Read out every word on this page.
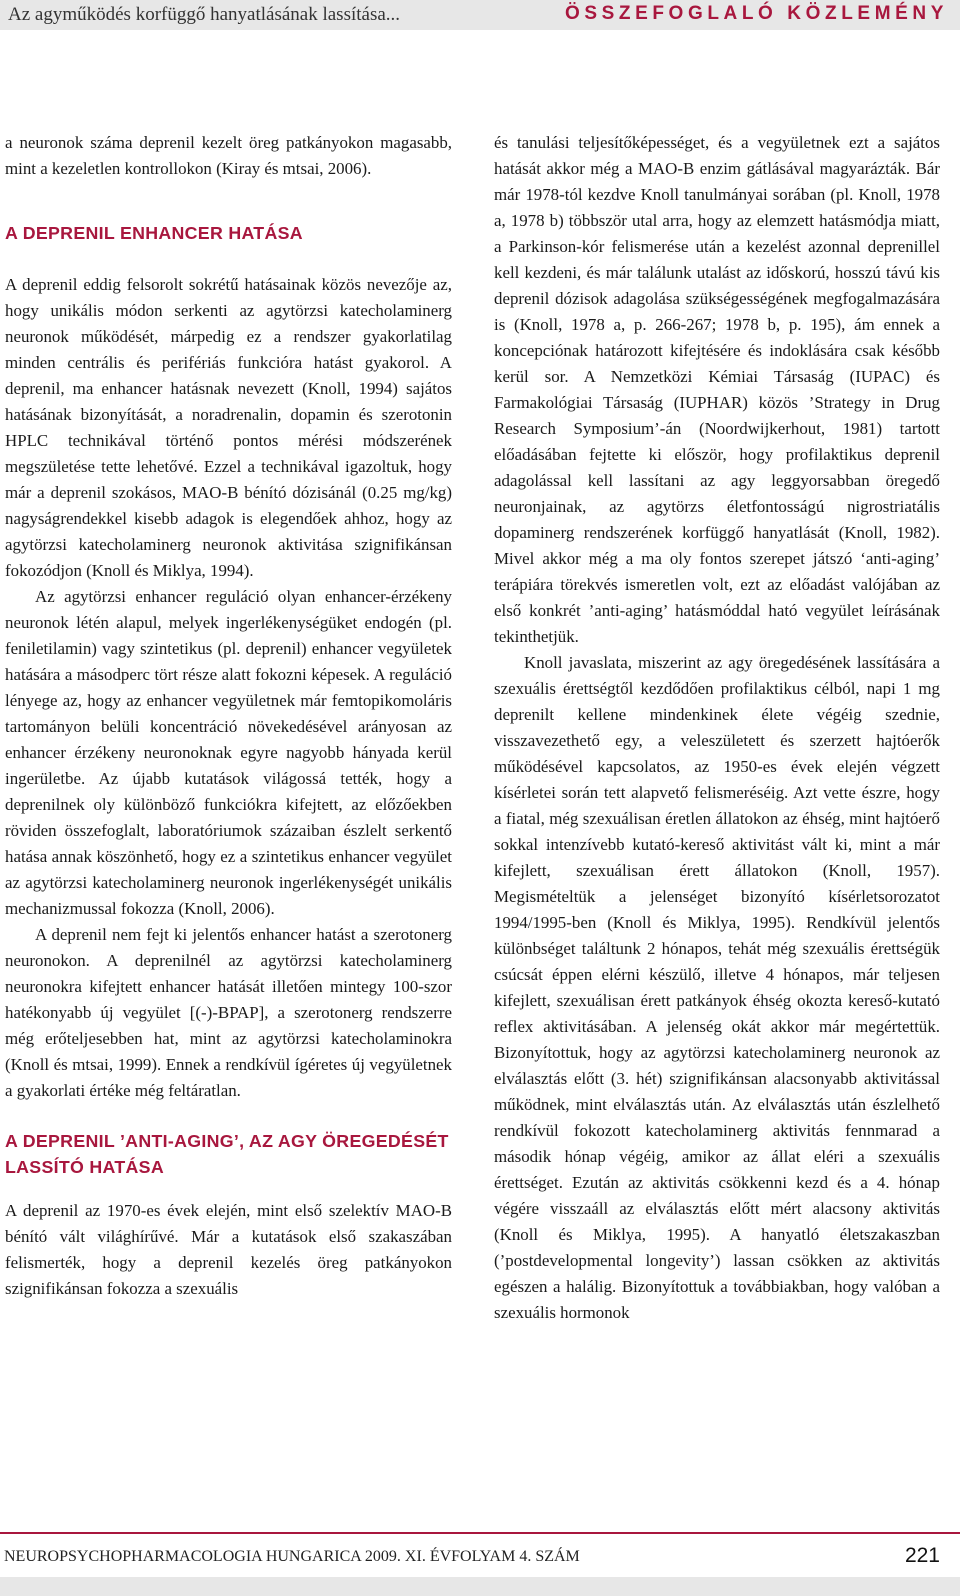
Az agyműködés korfüggő hanyatlásának lassítása...	ÖSSZEFOGLALÓ KÖZLEMÉNY

a neuronok száma deprenil kezelt öreg patkányokon magasabb, mint a kezeletlen kontrollokon (Kiray és mtsai, 2006).

A DEPRENIL ENHANCER HATÁSA

A deprenil eddig felsorolt sokrétű hatásainak közös nevezője az, hogy unikális módon serkenti az agytörzsi katecholaminerg neuronok működését, márpedig ez a rendszer gyakorlatilag minden centrális és perifériás funkcióra hatást gyakorol. A deprenil, ma enhancer hatásnak nevezett (Knoll, 1994) sajátos hatásának bizonyítását, a noradrenalin, dopamin és szerotonin HPLC technikával történő pontos mérési módszerének megszületése tette lehetővé. Ezzel a technikával igazoltuk, hogy már a deprenil szokásos, MAO-B bénító dózisánál (0.25 mg/kg) nagyságrendekkel kisebb adagok is elegendőek ahhoz, hogy az agytörzsi katecholaminerg neuronok aktivitása szignifikánsan fokozódjon (Knoll és Miklya, 1994).

Az agytörzsi enhancer reguláció olyan enhancer-érzékeny neuronok létén alapul, melyek ingerlékenységüket endogén (pl. feniletilamin) vagy szintetikus (pl. deprenil) enhancer vegyületek hatására a másodperc tört része alatt fokozni képesek. A reguláció lényege az, hogy az enhancer vegyületnek már femtopikomoláris tartományon belüli koncentráció növekedésével arányosan az enhancer érzékeny neuronoknak egyre nagyobb hányada kerül ingerületbe. Az újabb kutatások világossá tették, hogy a deprenilnek oly különböző funkciókra kifejtett, az előzőekben röviden összefoglalt, laboratóriumok százaiban észlelt serkentő hatása annak köszönhető, hogy ez a szintetikus enhancer vegyület az agytörzsi katecholaminerg neuronok ingerlékenységét unikális mechanizmussal fokozza (Knoll, 2006).

A deprenil nem fejt ki jelentős enhancer hatást a szerotonerg neuronokon. A deprenilnél az agytörzsi katecholaminerg neuronokra kifejtett enhancer hatását illetően mintegy 100-szor hatékonyabb új vegyület [(-)-BPAP], a szerotonerg rendszerre még erőteljesebben hat, mint az agytörzsi katecholaminokra (Knoll és mtsai, 1999). Ennek a rendkívül ígéretes új vegyületnek a gyakorlati értéke még feltáratlan.

A DEPRENIL ’ANTI-AGING’, AZ AGY ÖREGEDÉSÉT LASSÍTÓ HATÁSA

A deprenil az 1970-es évek elején, mint első szelektív MAO-B bénító vált világhírűvé. Már a kutatások első szakaszában felismerték, hogy a deprenil kezelés öreg patkányokon szignifikánsan fokozza a szexuális

és tanulási teljesítőképességet, és a vegyületnek ezt a sajátos hatását akkor még a MAO-B enzim gátlásával magyarázták. Bár már 1978-tól kezdve Knoll tanulmányai sorában (pl. Knoll, 1978 a, 1978 b) többször utal arra, hogy az elemzett hatásmódja miatt, a Parkinson-kór felismerése után a kezelést azonnal deprenillel kell kezdeni, és már találunk utalást az időskorú, hosszú távú kis deprenil dózisok adagolása szükségességének megfogalmazására is (Knoll, 1978 a, p. 266-267; 1978 b, p. 195), ám ennek a koncepciónak határozott kifejtésére és indoklására csak később kerül sor. A Nemzetközi Kémiai Társaság (IUPAC) és Farmakológiai Társaság (IUPHAR) közös ’Strategy in Drug Research Symposium’-án (Noordwijkerhout, 1981) tartott előadásában fejtette ki először, hogy profilaktikus deprenil adagolással kell lassítani az agy leggyorsabban öregedő neuronjainak, az agytörzs életfontosságú nigrostriatális dopaminerg rendszerének korfüggő hanyatlását (Knoll, 1982). Mivel akkor még a ma oly fontos szerepet játszó ‘anti-aging’ terápiára törekvés ismeretlen volt, ezt az előadást valójában az első konkrét ’anti-aging’ hatásmóddal ható vegyület leírásának tekinthetjük.

Knoll javaslata, miszerint az agy öregedésének lassítására a szexuális érettségtől kezdődően profilaktikus célból, napi 1 mg deprenilt kellene mindenkinek élete végéig szednie, visszavezethető egy, a veleszületett és szerzett hajtóerők működésével kapcsolatos, az 1950-es évek elején végzett kísérletei során tett alapvető felismeréséig. Azt vette észre, hogy a fiatal, még szexuálisan éretlen állatokon az éhség, mint hajtóerő sokkal intenzívebb kutató-kereső aktivitást vált ki, mint a már kifejlett, szexuálisan érett állatokon (Knoll, 1957). Megismételtük a jelenséget bizonyító kísérletsorozatot 1994/1995-ben (Knoll és Miklya, 1995). Rendkívül jelentős különbséget találtunk 2 hónapos, tehát még szexuális érettségük csúcsát éppen elérni készülő, illetve 4 hónapos, már teljesen kifejlett, szexuálisan érett patkányok éhség okozta kereső-kutató reflex aktivitásában. A jelenség okát akkor már megértettük. Bizonyítottuk, hogy az agytörzsi katecholaminerg neuronok az elválasztás előtt (3. hét) szignifikánsan alacsonyabb aktivitással működnek, mint elválasztás után. Az elválasztás után észlelhető rendkívül fokozott katecholaminerg aktivitás fennmarad a második hónap végéig, amikor az állat eléri a szexuális érettséget. Ezután az aktivitás csökkenni kezd és a 4. hónap végére visszaáll az elválasztás előtt mért alacsony aktivitás (Knoll és Miklya, 1995). A hanyatló életszakaszban (’postdevelopmental longevity’) lassan csökken az aktivitás egészen a halálig. Bizonyítottuk a továbbiakban, hogy valóban a szexuális hormonok

NEUROPSYCHOPHARMACOLOGIA HUNGARICA 2009. XI. ÉVFOLYAM 4. SZÁM	221
